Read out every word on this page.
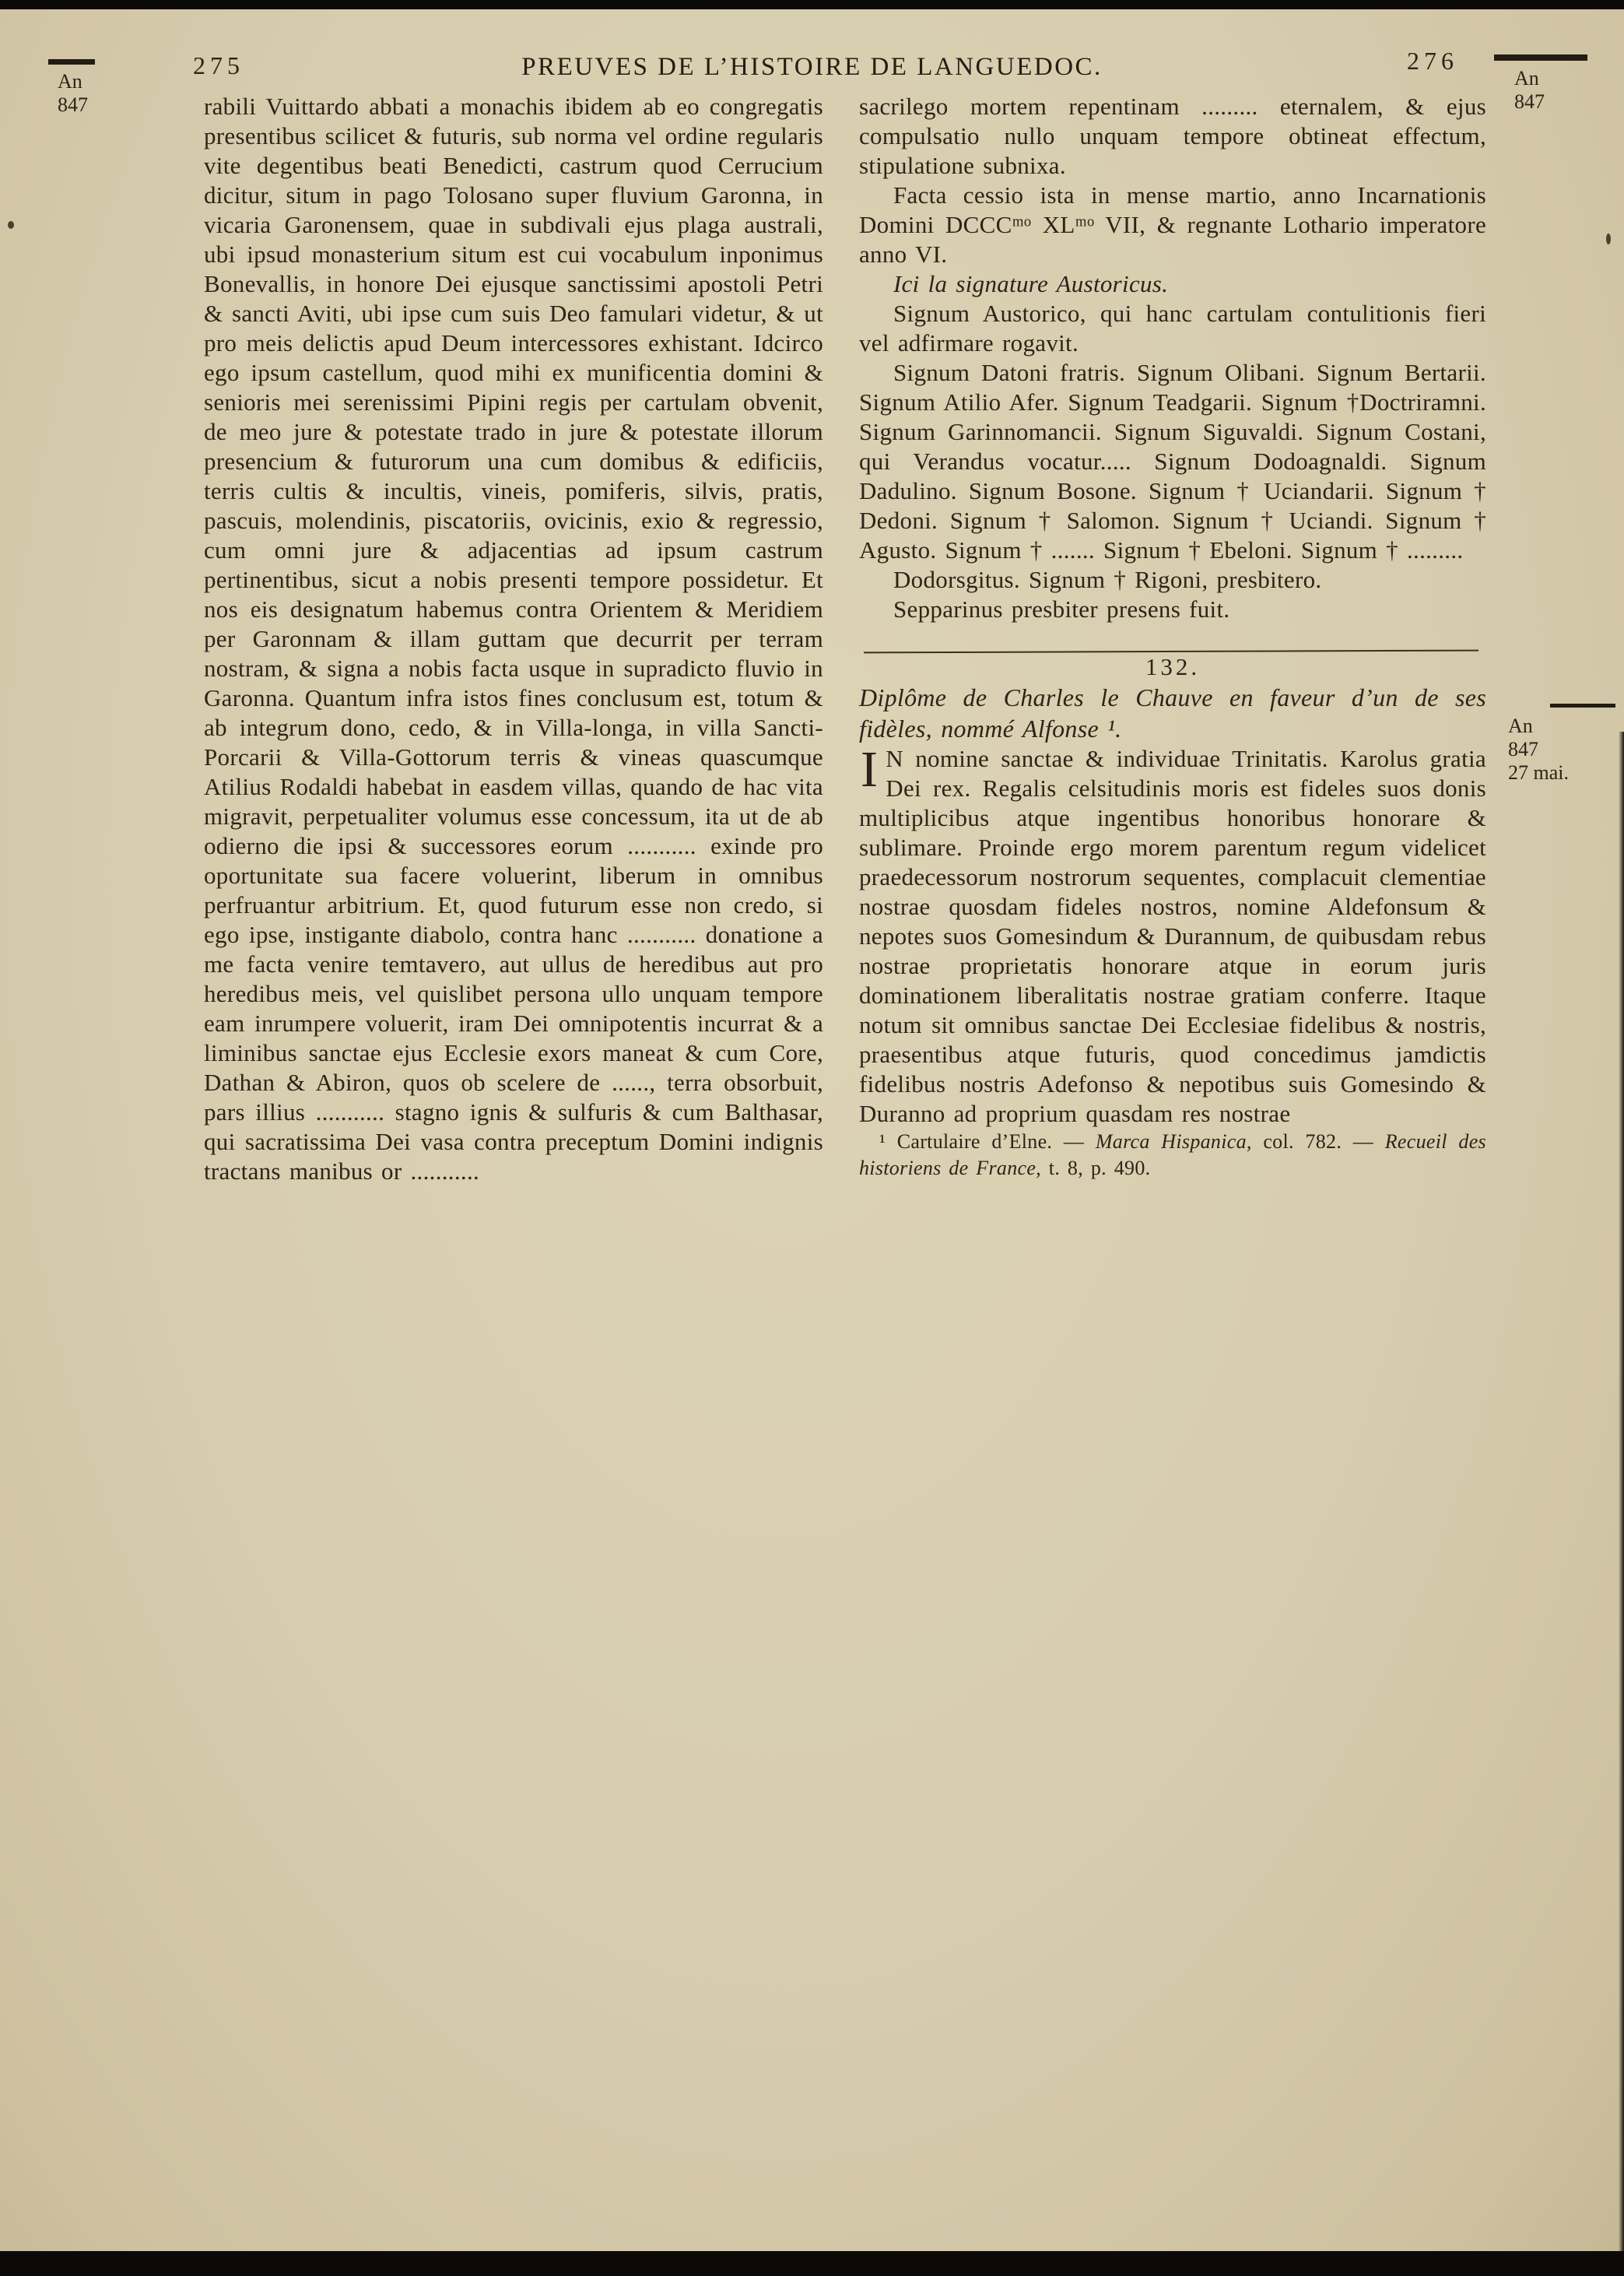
275	PREUVES DE L’HISTOIRE DE LANGUEDOC.	276
An
847
An
847
An
847
27 mai.

rabili Vuittardo abbati a monachis ibidem ab eo congregatis presentibus scilicet & futuris, sub norma vel ordine regularis vite degentibus beati Benedicti, castrum quod Cerrucium dicitur, situm in pago Tolosano super fluvium Garonna, in vicaria Garonensem, quae in subdivali ejus plaga australi, ubi ipsud monasterium situm est cui vocabulum inponimus Bonevallis, in honore Dei ejusque sanctissimi apostoli Petri & sancti Aviti, ubi ipse cum suis Deo famulari videtur, & ut pro meis delictis apud Deum intercessores exhistant. Idcirco ego ipsum castellum, quod mihi ex munificentia domini & senioris mei serenissimi Pipini regis per cartulam obvenit, de meo jure & potestate trado in jure & potestate illorum presencium & futurorum una cum domibus & edificiis, terris cultis & incultis, vineis, pomiferis, silvis, pratis, pascuis, molendinis, piscatoriis, ovicinis, exio & regressio, cum omni jure & adjacentias ad ipsum castrum pertinentibus, sicut a nobis presenti tempore possidetur. Et nos eis designatum habemus contra Orientem & Meridiem per Garonnam & illam guttam que decurrit per terram nostram, & signa a nobis facta usque in supradicto fluvio in Garonna. Quantum infra istos fines conclusum est, totum & ab integrum dono, cedo, & in Villa-longa, in villa Sancti-Porcarii & Villa-Gottorum terris & vineas quascumque Atilius Rodaldi habebat in easdem villas, quando de hac vita migravit, perpetualiter volumus esse concessum, ita ut de ab odierno die ipsi & successores eorum ........... exinde pro oportunitate sua facere voluerint, liberum in omnibus perfruantur arbitrium. Et, quod futurum esse non credo, si ego ipse, instigante diabolo, contra hanc ........... donatione a me facta venire temtavero, aut ullus de heredibus aut pro heredibus meis, vel quislibet persona ullo unquam tempore eam inrumpere voluerit, iram Dei omnipotentis incurrat & a liminibus sanctae ejus Ecclesie exors maneat & cum Core, Dathan & Abiron, quos ob scelere de ......, terra obsorbuit, pars illius ........... stagno ignis & sulfuris & cum Balthasar, qui sacratissima Dei vasa contra preceptum Domini indignis tractans manibus or ...........

sacrilego mortem repentinam ......... eternalem, & ejus compulsatio nullo unquam tempore obtineat effectum, stipulatione subnixa.

Facta cessio ista in mense martio, anno Incarnationis Domini DCCCᵐᵒ XLᵐᵒ VII, & regnante Lothario imperatore anno VI.

Ici la signature Austoricus.

Signum Austorico, qui hanc cartulam contulitionis fieri vel adfirmare rogavit.

Signum Datoni fratris. Signum Olibani. Signum Bertarii. Signum Atilio Afer. Signum Teadgarii. Signum †Doctriramni. Signum Garinnomancii. Signum Siguvaldi. Signum Costani, qui Verandus vocatur..... Signum Dodoagnaldi. Signum Dadulino. Signum Bosone. Signum † Uciandarii. Signum † Dedoni. Signum † Salomon. Signum † Uciandi. Signum † Agusto. Signum † ....... Signum † Ebeloni. Signum † .........

Dodorsgitus. Signum † Rigoni, presbitero.

Sepparinus presbiter presens fuit.

132.

Diplôme de Charles le Chauve en faveur d’un de ses fidèles, nommé Alfonse ¹.

I N nomine sanctae & individuae Trinitatis. Karolus gratia Dei rex. Regalis celsitudinis moris est fideles suos donis multiplicibus atque ingentibus honoribus honorare & sublimare. Proinde ergo morem parentum regum videlicet praedecessorum nostrorum sequentes, complacuit clementiae nostrae quosdam fideles nostros, nomine Aldefonsum & nepotes suos Gomesindum & Durannum, de quibusdam rebus nostrae proprietatis honorare atque in eorum juris dominationem liberalitatis nostrae gratiam conferre. Itaque notum sit omnibus sanctae Dei Ecclesiae fidelibus & nostris, praesentibus atque futuris, quod concedimus jamdictis fidelibus nostris Adefonso & nepotibus suis Gomesindo & Duranno ad proprium quasdam res nostrae

¹ Cartulaire d’Elne. — Marca Hispanica, col. 782. — Recueil des historiens de France, t. 8, p. 490.
